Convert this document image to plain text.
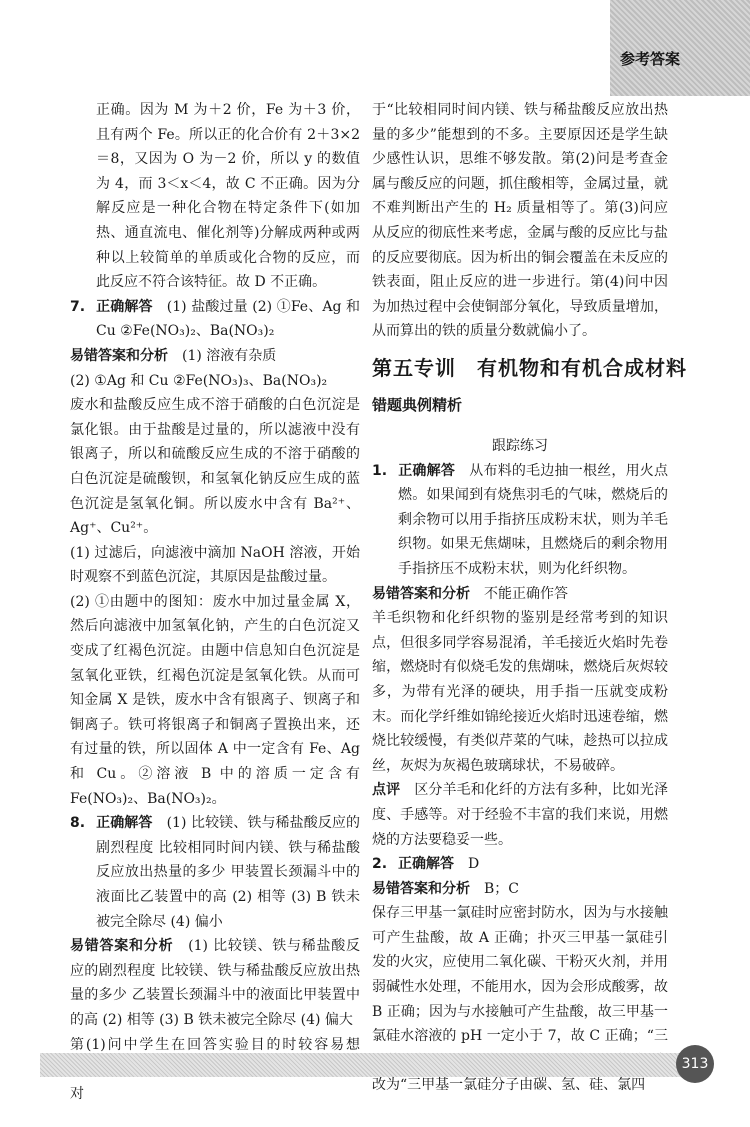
参考答案

正确。因为 M 为＋2 价，Fe 为＋3 价，且有两个 Fe。所以正的化合价有 2＋3×2＝8，又因为 O 为－2 价，所以 y 的数值为 4，而 3＜x＜4，故 C 不正确。因为分解反应是一种化合物在特定条件下(如加热、通直流电、催化剂等)分解成两种或两种以上较简单的单质或化合物的反应，而此反应不符合该特征。故 D 不正确。

7. 正确解答　 (1) 盐酸过量 (2) ①Fe、Ag 和 Cu ②Fe(NO₃)₂、Ba(NO₃)₂

易错答案和分析　 (1) 溶液有杂质

(2) ①Ag 和 Cu ②Fe(NO₃)₃、Ba(NO₃)₂

废水和盐酸反应生成不溶于硝酸的白色沉淀是氯化银。由于盐酸是过量的，所以滤液中没有银离子，所以和硫酸反应生成的不溶于硝酸的白色沉淀是硫酸钡，和氢氧化钠反应生成的蓝色沉淀是氢氧化铜。所以废水中含有 Ba²⁺、Ag⁺、Cu²⁺。

(1) 过滤后，向滤液中滴加 NaOH 溶液，开始时观察不到蓝色沉淀，其原因是盐酸过量。

(2) ①由题中的图知：废水中加过量金属 X，然后向滤液中加氢氧化钠，产生的白色沉淀又变成了红褐色沉淀。由题中信息知白色沉淀是氢氧化亚铁，红褐色沉淀是氢氧化铁。从而可知金属 X 是铁，废水中含有银离子、钡离子和铜离子。铁可将银离子和铜离子置换出来，还有过量的铁，所以固体 A 中一定含有 Fe、Ag 和 Cu。②溶液 B 中的溶质一定含有 Fe(NO₃)₂、Ba(NO₃)₂。

8. 正确解答　 (1) 比较镁、铁与稀盐酸反应的剧烈程度 比较相同时间内镁、铁与稀盐酸反应放出热量的多少 甲装置长颈漏斗中的液面比乙装置中的高 (2) 相等 (3) B 铁未被完全除尽 (4) 偏小

易错答案和分析　 (1) 比较镁、铁与稀盐酸反应的剧烈程度 比较镁、铁与稀盐酸反应放出热量的多少 乙装置长颈漏斗中的液面比甲装置中的高 (2) 相等 (3) B 铁未被完全除尽 (4) 偏大

第(1)问中学生在回答实验目的时较容易想 对

于“比较相同时间内镁、铁与稀盐酸反应放出热量的多少”能想到的不多。主要原因还是学生缺少感性认识，思维不够发散。第(2)问是考查金属与酸反应的问题，抓住酸相等，金属过量，就不难判断出产生的 H₂ 质量相等了。第(3)问应从反应的彻底性来考虑，金属与酸的反应比与盐的反应要彻底。因为析出的铜会覆盖在未反应的铁表面，阻止反应的进一步进行。第(4)问中因为加热过程中会使铜部分氧化，导致质量增加，从而算出的铁的质量分数就偏小了。

第五专训　有机物和有机合成材料
错题典例精析

跟踪练习

1. 正确解答　 从布料的毛边抽一根丝，用火点燃。如果闻到有烧焦羽毛的气味，燃烧后的剩余物可以用手指挤压成粉末状，则为羊毛织物。如果无焦煳味，且燃烧后的剩余物用手指挤压不成粉末状，则为化纤织物。

易错答案和分析　 不能正确作答

羊毛织物和化纤织物的鉴别是经常考到的知识点，但很多同学容易混淆，羊毛接近火焰时先卷缩，燃烧时有似烧毛发的焦煳味，燃烧后灰烬较多，为带有光泽的硬块，用手指一压就变成粉末。而化学纤维如锦纶接近火焰时迅速卷缩，燃烧比较缓慢，有类似芹菜的气味，趁热可以拉成丝，灰烬为灰褐色玻璃球状，不易破碎。

点评　 区分羊毛和化纤的方法有多种，比如光泽度、手感等。对于经验不丰富的我们来说，用燃烧的方法要稳妥一些。

2. 正确解答　 D

易错答案和分析　 B；C

保存三甲基一氯硅时应密封防水，因为与水接触可产生盐酸，故 A 正确；扑灭三甲基一氯硅引发的火灾，应使用二氧化碳、干粉灭火剂，并用弱碱性水处理，不能用水，因为会形成酸雾，故 B 正确；因为与水接触可产生盐酸，故三甲基一氯硅水溶液的 pH 一定小于 7，故 C 正确；“三 改为“三甲基一氯硅分子由碳、氢、硅、氯四

313
